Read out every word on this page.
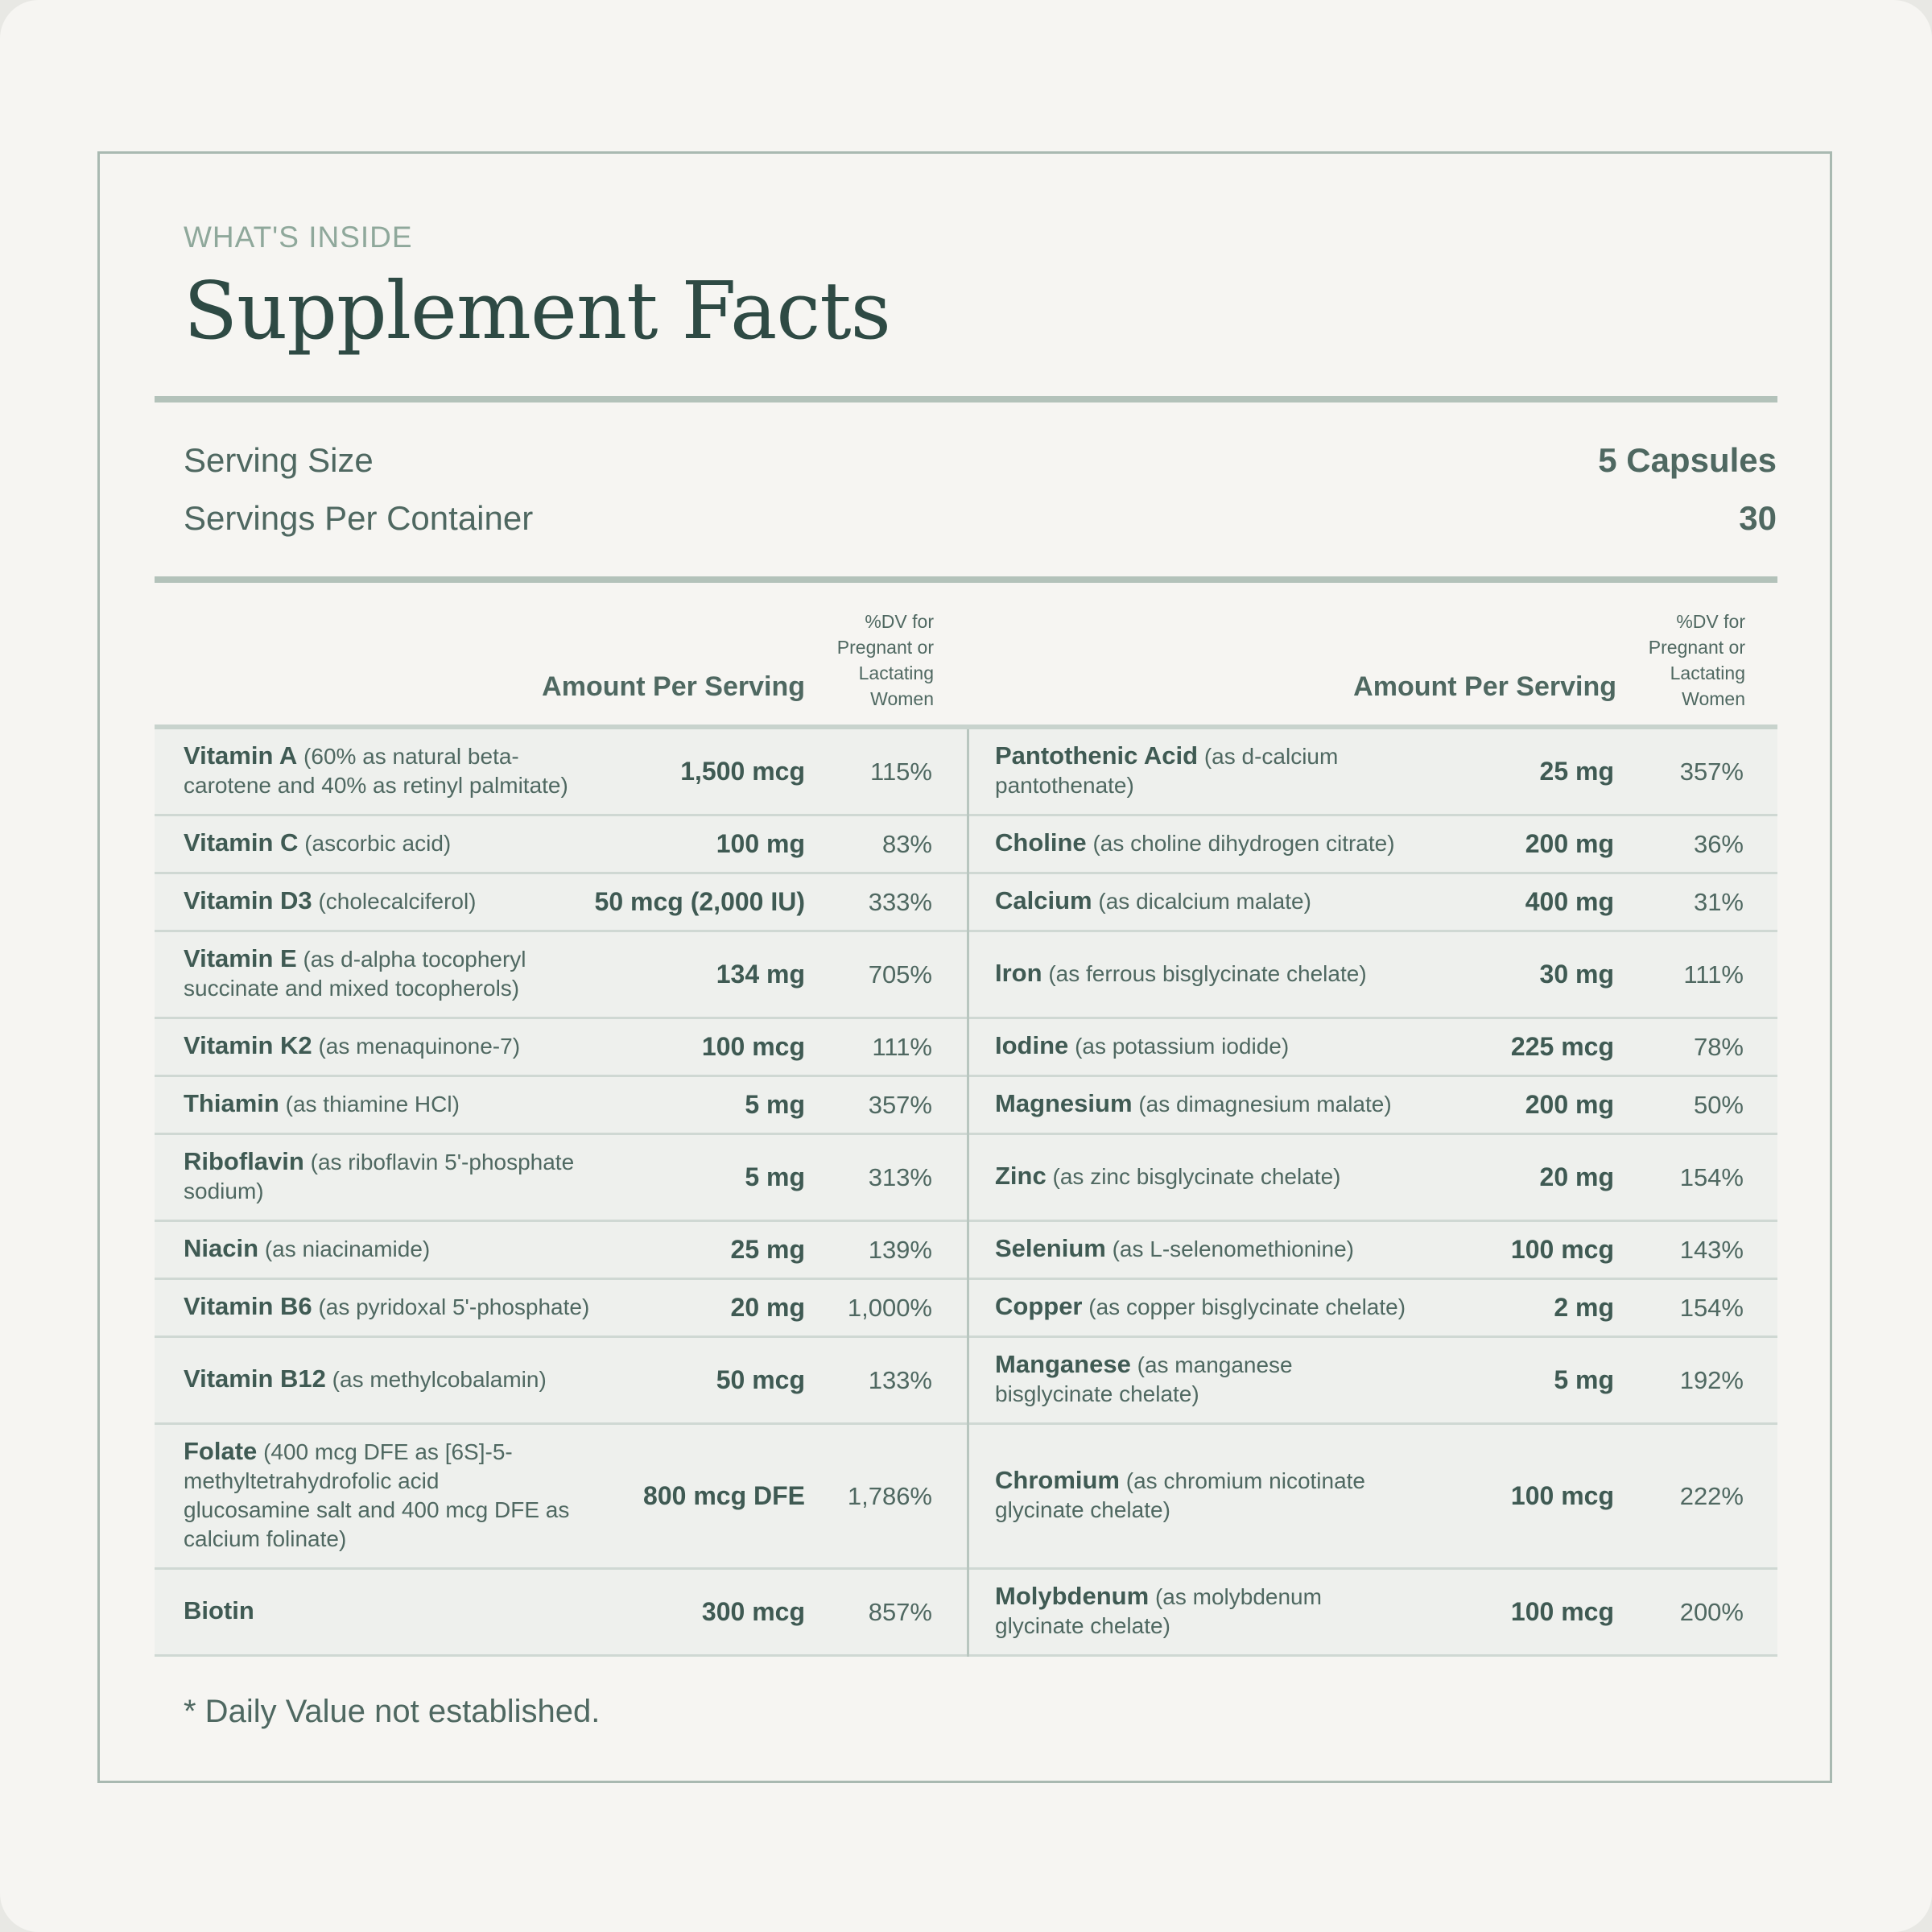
WHAT'S INSIDE
Supplement Facts
Serving Size	5 Capsules
Servings Per Container	30
Amount Per Serving
%DV for
Pregnant or
Lactating
Women	Amount Per Serving
%DV for
Pregnant or
Lactating
Women
Vitamin A (60% as natural beta-
carotene and 40% as retinyl palmitate)	1,500 mcg	115%
Vitamin C (ascorbic acid)	100 mg	83%
Vitamin D3 (cholecalciferol)	50 mcg (2,000 IU)	333%
Vitamin E (as d-alpha tocopheryl
succinate and mixed tocopherols)	134 mg	705%
Vitamin K2 (as menaquinone-7)	100 mcg	111%
Thiamin (as thiamine HCl)	5 mg	357%
Riboflavin (as riboflavin 5'-phosphate
sodium)	5 mg	313%
Niacin (as niacinamide)	25 mg	139%
Vitamin B6 (as pyridoxal 5'-phosphate)	20 mg	1,000%
Vitamin B12 (as methylcobalamin)	50 mcg	133%
Folate (400 mcg DFE as [6S]-5-
methyltetrahydrofolic acid
glucosamine salt and 400 mcg DFE as
calcium folinate)
800 mcg DFE	1,786%
Biotin	300 mcg	857%
Pantothenic Acid (as d-calcium
pantothenate)	25 mg	357%
Choline (as choline dihydrogen citrate)	200 mg	36%
Calcium (as dicalcium malate)	400 mg	31%
Iron (as ferrous bisglycinate chelate)	30 mg	111%
Iodine (as potassium iodide)	225 mcg	78%
Magnesium (as dimagnesium malate)	200 mg	50%
Zinc (as zinc bisglycinate chelate)	20 mg	154%
Selenium (as L-selenomethionine)	100 mcg	143%
Copper (as copper bisglycinate chelate)	2 mg	154%
Manganese (as manganese
bisglycinate chelate)	5 mg	192%
Chromium (as chromium nicotinate
glycinate chelate)	100 mcg	222%
Molybdenum (as molybdenum
glycinate chelate)	100 mcg	200%
* Daily Value not established.
